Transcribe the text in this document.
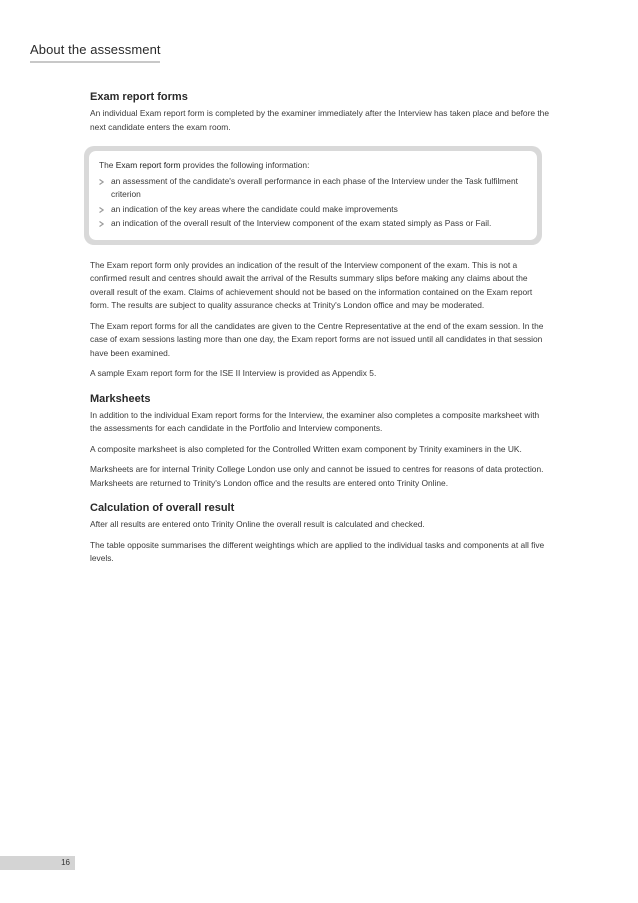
About the assessment
Exam report forms

An individual Exam report form is completed by the examiner immediately after the Interview has taken place and before the next candidate enters the exam room.

The Exam report form provides the following information:

an assessment of the candidate's overall performance in each phase of the Interview under the Task fulfilment criterion
an indication of the key areas where the candidate could make improvements
an indication of the overall result of the Interview component of the exam stated simply as Pass or Fail.

The Exam report form only provides an indication of the result of the Interview component of the exam. This is not a confirmed result and centres should await the arrival of the Results summary slips before making any claims about the overall result of the exam. Claims of achievement should not be based on the information contained on the Exam report form. The results are subject to quality assurance checks at Trinity's London office and may be moderated.

The Exam report forms for all the candidates are given to the Centre Representative at the end of the exam session. In the case of exam sessions lasting more than one day, the Exam report forms are not issued until all candidates in that session have been examined.

A sample Exam report form for the ISE II Interview is provided as Appendix 5.

Marksheets

In addition to the individual Exam report forms for the Interview, the examiner also completes a composite marksheet with the assessments for each candidate in the Portfolio and Interview components.

A composite marksheet is also completed for the Controlled Written exam component by Trinity examiners in the UK.

Marksheets are for internal Trinity College London use only and cannot be issued to centres for reasons of data protection. Marksheets are returned to Trinity's London office and the results are entered onto Trinity Online.

Calculation of overall result

After all results are entered onto Trinity Online the overall result is calculated and checked.

The table opposite summarises the different weightings which are applied to the individual tasks and components at all five levels.

16
